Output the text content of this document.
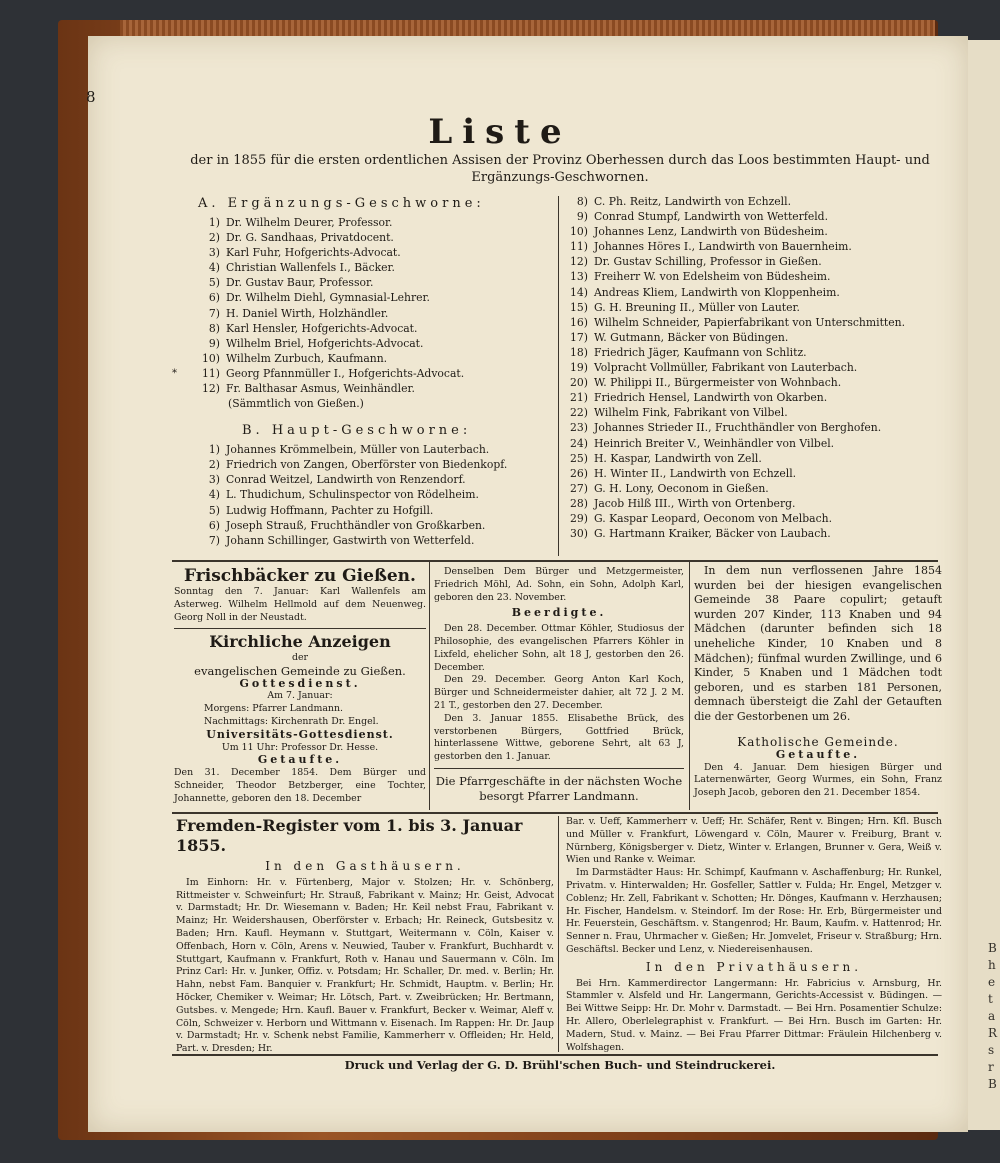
B
h
e
t
a
R
s
r
B
8
Liste
der in 1855 für die ersten ordentlichen Assisen der Provinz Oberhessen durch das Loos bestimmten Haupt- und Ergänzungs-Geschwornen.
A. Ergänzungs-Geschworne:
1) Dr. Wilhelm Deurer, Professor.
2) Dr. G. Sandhaas, Privatdocent.
3) Karl Fuhr, Hofgerichts-Advocat.
4) Christian Wallenfels I., Bäcker.
5) Dr. Gustav Baur, Professor.
6) Dr. Wilhelm Diehl, Gymnasial-Lehrer.
7) H. Daniel Wirth, Holzhändler.
8) Karl Hensler, Hofgerichts-Advocat.
9) Wilhelm Briel, Hofgerichts-Advocat.
10) Wilhelm Zurbuch, Kaufmann.
11) Georg Pfannmüller I., Hofgerichts-Advocat.
12) Fr. Balthasar Asmus, Weinhändler.
(Sämmtlich von Gießen.)
B. Haupt-Geschworne:
1) Johannes Krömmelbein, Müller von Lauterbach.
2) Friedrich von Zangen, Oberförster von Biedenkopf.
3) Conrad Weitzel, Landwirth von Renzendorf.
4) L. Thudichum, Schulinspector von Rödelheim.
5) Ludwig Hoffmann, Pachter zu Hofgill.
6) Joseph Strauß, Fruchthändler von Großkarben.
7) Johann Schillinger, Gastwirth von Wetterfeld.
*
8) C. Ph. Reitz, Landwirth von Echzell.
9) Conrad Stumpf, Landwirth von Wetterfeld.
10) Johannes Lenz, Landwirth von Büdesheim.
11) Johannes Höres I., Landwirth von Bauernheim.
12) Dr. Gustav Schilling, Professor in Gießen.
13) Freiherr W. von Edelsheim von Büdesheim.
14) Andreas Kliem, Landwirth von Kloppenheim.
15) G. H. Breuning II., Müller von Lauter.
16) Wilhelm Schneider, Papierfabrikant von Unterschmitten.
17) W. Gutmann, Bäcker von Büdingen.
18) Friedrich Jäger, Kaufmann von Schlitz.
19) Volpracht Vollmüller, Fabrikant von Lauterbach.
20) W. Philippi II., Bürgermeister von Wohnbach.
21) Friedrich Hensel, Landwirth von Okarben.
22) Wilhelm Fink, Fabrikant von Vilbel.
23) Johannes Strieder II., Fruchthändler von Berghofen.
24) Heinrich Breiter V., Weinhändler von Vilbel.
25) H. Kaspar, Landwirth von Zell.
26) H. Winter II., Landwirth von Echzell.
27) G. H. Lony, Oeconom in Gießen.
28) Jacob Hilß III., Wirth von Ortenberg.
29) G. Kaspar Leopard, Oeconom von Melbach.
30) G. Hartmann Kraiker, Bäcker von Laubach.
Frischbäcker zu Gießen.

Sonntag den 7. Januar: Karl Wallenfels am Asterweg. Wilhelm Hellmold auf dem Neuenweg. Georg Noll in der Neustadt.

Kirchliche Anzeigen
der
evangelischen Gemeinde zu Gießen.
Gottesdienst.
Am 7. Januar:
Morgens: Pfarrer Landmann.
Nachmittags: Kirchenrath Dr. Engel.
Universitäts-Gottesdienst.
Um 11 Uhr: Professor Dr. Hesse.
Getaufte.

Den 31. December 1854. Dem Bürger und Schneider, Theodor Betzberger, eine Tochter, Johannette, geboren den 18. December

Denselben Dem Bürger und Metzgermeister, Friedrich Möhl, Ad. Sohn, ein Sohn, Adolph Karl, geboren den 23. November.

Beerdigte.

Den 28. December. Ottmar Köhler, Studiosus der Philosophie, des evangelischen Pfarrers Köhler in Lixfeld, ehelicher Sohn, alt 18 J, gestorben den 26. December.

Den 29. December. Georg Anton Karl Koch, Bürger und Schneidermeister dahier, alt 72 J. 2 M. 21 T., gestorben den 27. December.

Den 3. Januar 1855. Elisabethe Brück, des verstorbenen Bürgers, Gottfried Brück, hinterlassene Wittwe, geborene Sehrt, alt 63 J, gestorben den 1. Januar.

Die Pfarrgeschäfte in der nächsten Woche besorgt Pfarrer Landmann.

In dem nun verflossenen Jahre 1854 wurden bei der hiesigen evangelischen Gemeinde 38 Paare copulirt; getauft wurden 207 Kinder, 113 Knaben und 94 Mädchen (darunter befinden sich 18 uneheliche Kinder, 10 Knaben und 8 Mädchen); fünfmal wurden Zwillinge, und 6 Kinder, 5 Knaben und 1 Mädchen todt geboren, und es starben 181 Personen, demnach übersteigt die Zahl der Getauften die der Gestorbenen um 26.

Katholische Gemeinde.
Getaufte.

Den 4. Januar. Dem hiesigen Bürger und Laternenwärter, Georg Wurmes, ein Sohn, Franz Joseph Jacob, geboren den 21. December 1854.

Fremden-Register vom 1. bis 3. Januar 1855.
In den Gasthäusern.

Im Einhorn: Hr. v. Fürtenberg, Major v. Stolzen; Hr. v. Schönberg, Rittmeister v. Schweinfurt; Hr. Strauß, Fabrikant v. Mainz; Hr. Geist, Advocat v. Darmstadt; Hr. Dr. Wiesemann v. Baden; Hr. Keil nebst Frau, Fabrikant v. Mainz; Hr. Weidershausen, Oberförster v. Erbach; Hr. Reineck, Gutsbesitz v. Baden; Hrn. Kaufl. Heymann v. Stuttgart, Weitermann v. Cöln, Kaiser v. Offenbach, Horn v. Cöln, Arens v. Neuwied, Tauber v. Frankfurt, Buchhardt v. Stuttgart, Kaufmann v. Frankfurt, Roth v. Hanau und Sauermann v. Cöln. Im Prinz Carl: Hr. v. Junker, Offiz. v. Potsdam; Hr. Schaller, Dr. med. v. Berlin; Hr. Hahn, nebst Fam. Banquier v. Frankfurt; Hr. Schmidt, Hauptm. v. Berlin; Hr. Höcker, Chemiker v. Weimar; Hr. Lötsch, Part. v. Zweibrücken; Hr. Bertmann, Gutsbes. v. Mengede; Hrn. Kaufl. Bauer v. Frankfurt, Becker v. Weimar, Aleff v. Cöln, Schweizer v. Herborn und Wittmann v. Eisenach. Im Rappen: Hr. Dr. Jaup v. Darmstadt; Hr. v. Schenk nebst Familie, Kammerherr v. Offleiden; Hr. Held, Part. v. Dresden; Hr.

Bar. v. Ueff, Kammerherr v. Ueff; Hr. Schäfer, Rent v. Bingen; Hrn. Kfl. Busch und Müller v. Frankfurt, Löwengard v. Cöln, Maurer v. Freiburg, Brant v. Nürnberg, Königsberger v. Dietz, Winter v. Erlangen, Brunner v. Gera, Weiß v. Wien und Ranke v. Weimar.

Im Darmstädter Haus: Hr. Schimpf, Kaufmann v. Aschaffenburg; Hr. Runkel, Privatm. v. Hinterwalden; Hr. Gosfeller, Sattler v. Fulda; Hr. Engel, Metzger v. Coblenz; Hr. Zell, Fabrikant v. Schotten; Hr. Dönges, Kaufmann v. Herzhausen; Hr. Fischer, Handelsm. v. Steindorf. Im der Rose: Hr. Erb, Bürgermeister und Hr. Feuerstein, Geschäftsm. v. Stangenrod; Hr. Baum, Kaufm. v. Hattenrod; Hr. Senner n. Frau, Uhrmacher v. Gießen; Hr. Jomvelet, Friseur v. Straßburg; Hrn. Geschäftsl. Becker und Lenz, v. Niedereisenhausen.

In den Privathäusern.

Bei Hrn. Kammerdirector Langermann: Hr. Fabricius v. Arnsburg, Hr. Stammler v. Alsfeld und Hr. Langermann, Gerichts-Accessist v. Büdingen. — Bei Wittwe Seipp: Hr. Dr. Mohr v. Darmstadt. — Bei Hrn. Posamentier Schulze: Hr. Allero, Oberlelegraphist v. Frankfurt. — Bei Hrn. Busch im Garten: Hr. Madern, Stud. v. Mainz. — Bei Frau Pfarrer Dittmar: Fräulein Hilchenberg v. Wolfshagen.

Druck und Verlag der G. D. Brühl'schen Buch- und Steindruckerei.
